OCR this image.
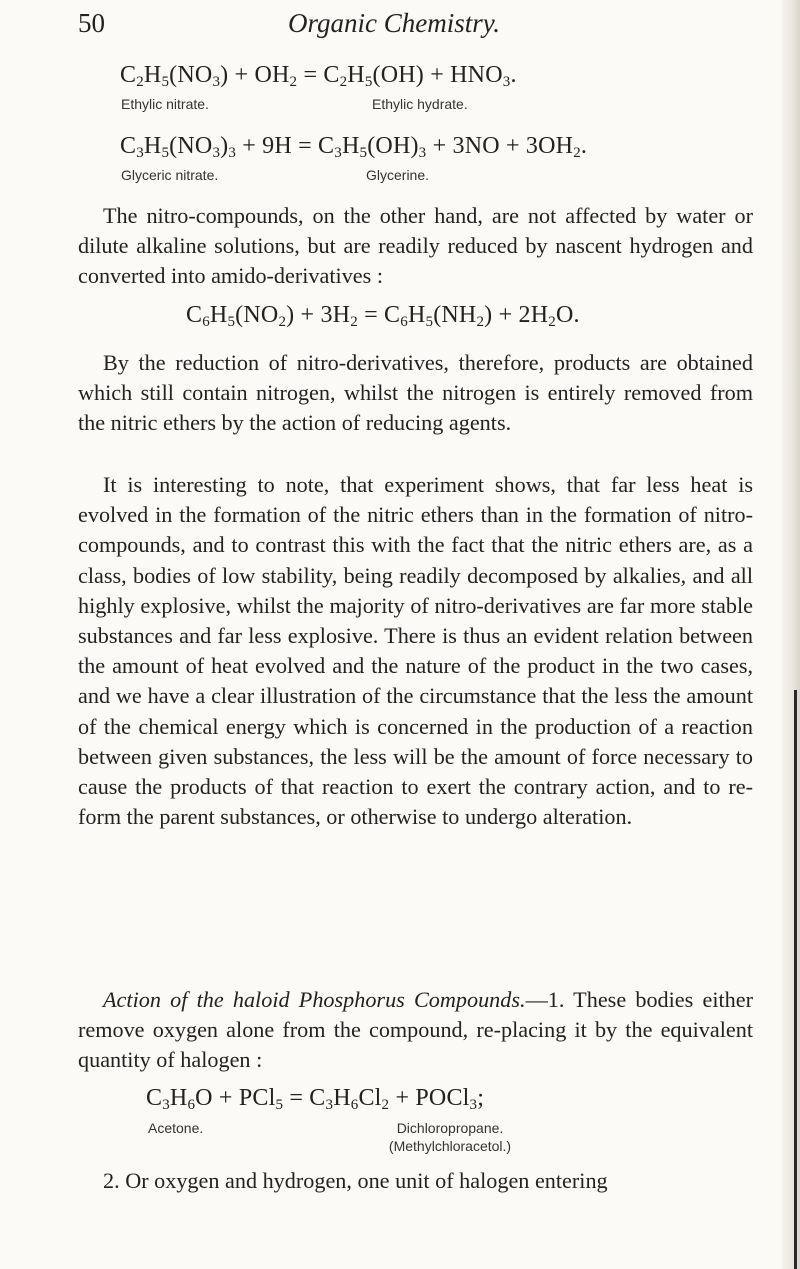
50	Organic Chemistry.
$C_2H_5(NO_3) + OH_2 = C_2H_5(OH) + HNO_3$.
Ethylic nitrate.	Ethylic hydrate.
$C_3H_5(NO_3)_3 + 9H = C_3H_5(OH)_3 + 3NO + 3OH_2$.
Glyceric nitrate.	Glycerine.

The nitro-compounds, on the other hand, are not affected by water or dilute alkaline solutions, but are readily reduced by nascent hydrogen and converted into amido-derivatives :

$C_6H_5(NO_2) + 3H_2 = C_6H_5(NH_2) + 2H_2O$.

By the reduction of nitro-derivatives, therefore, products are obtained which still contain nitrogen, whilst the nitrogen is entirely removed from the nitric ethers by the action of reducing agents.

It is interesting to note, that experiment shows, that far less heat is evolved in the formation of the nitric ethers than in the formation of nitro-compounds, and to contrast this with the fact that the nitric ethers are, as a class, bodies of low stability, being readily decomposed by alkalies, and all highly explosive, whilst the majority of nitro-derivatives are far more stable substances and far less explosive. There is thus an evident relation between the amount of heat evolved and the nature of the product in the two cases, and we have a clear illustration of the circumstance that the less the amount of the chemical energy which is concerned in the production of a reaction between given substances, the less will be the amount of force necessary to cause the products of that reaction to exert the contrary action, and to re-form the parent substances, or otherwise to undergo alteration.

Action of the haloid Phosphorus Compounds.—1. These bodies either remove oxygen alone from the compound, re-placing it by the equivalent quantity of halogen :

$C_3H_6O + PCl_5 = C_3H_6Cl_2$ + POCl$_3$;
Acetone.	Dichloropropane.
(Methylchloracetol.)

2. Or oxygen and hydrogen, one unit of halogen entering
